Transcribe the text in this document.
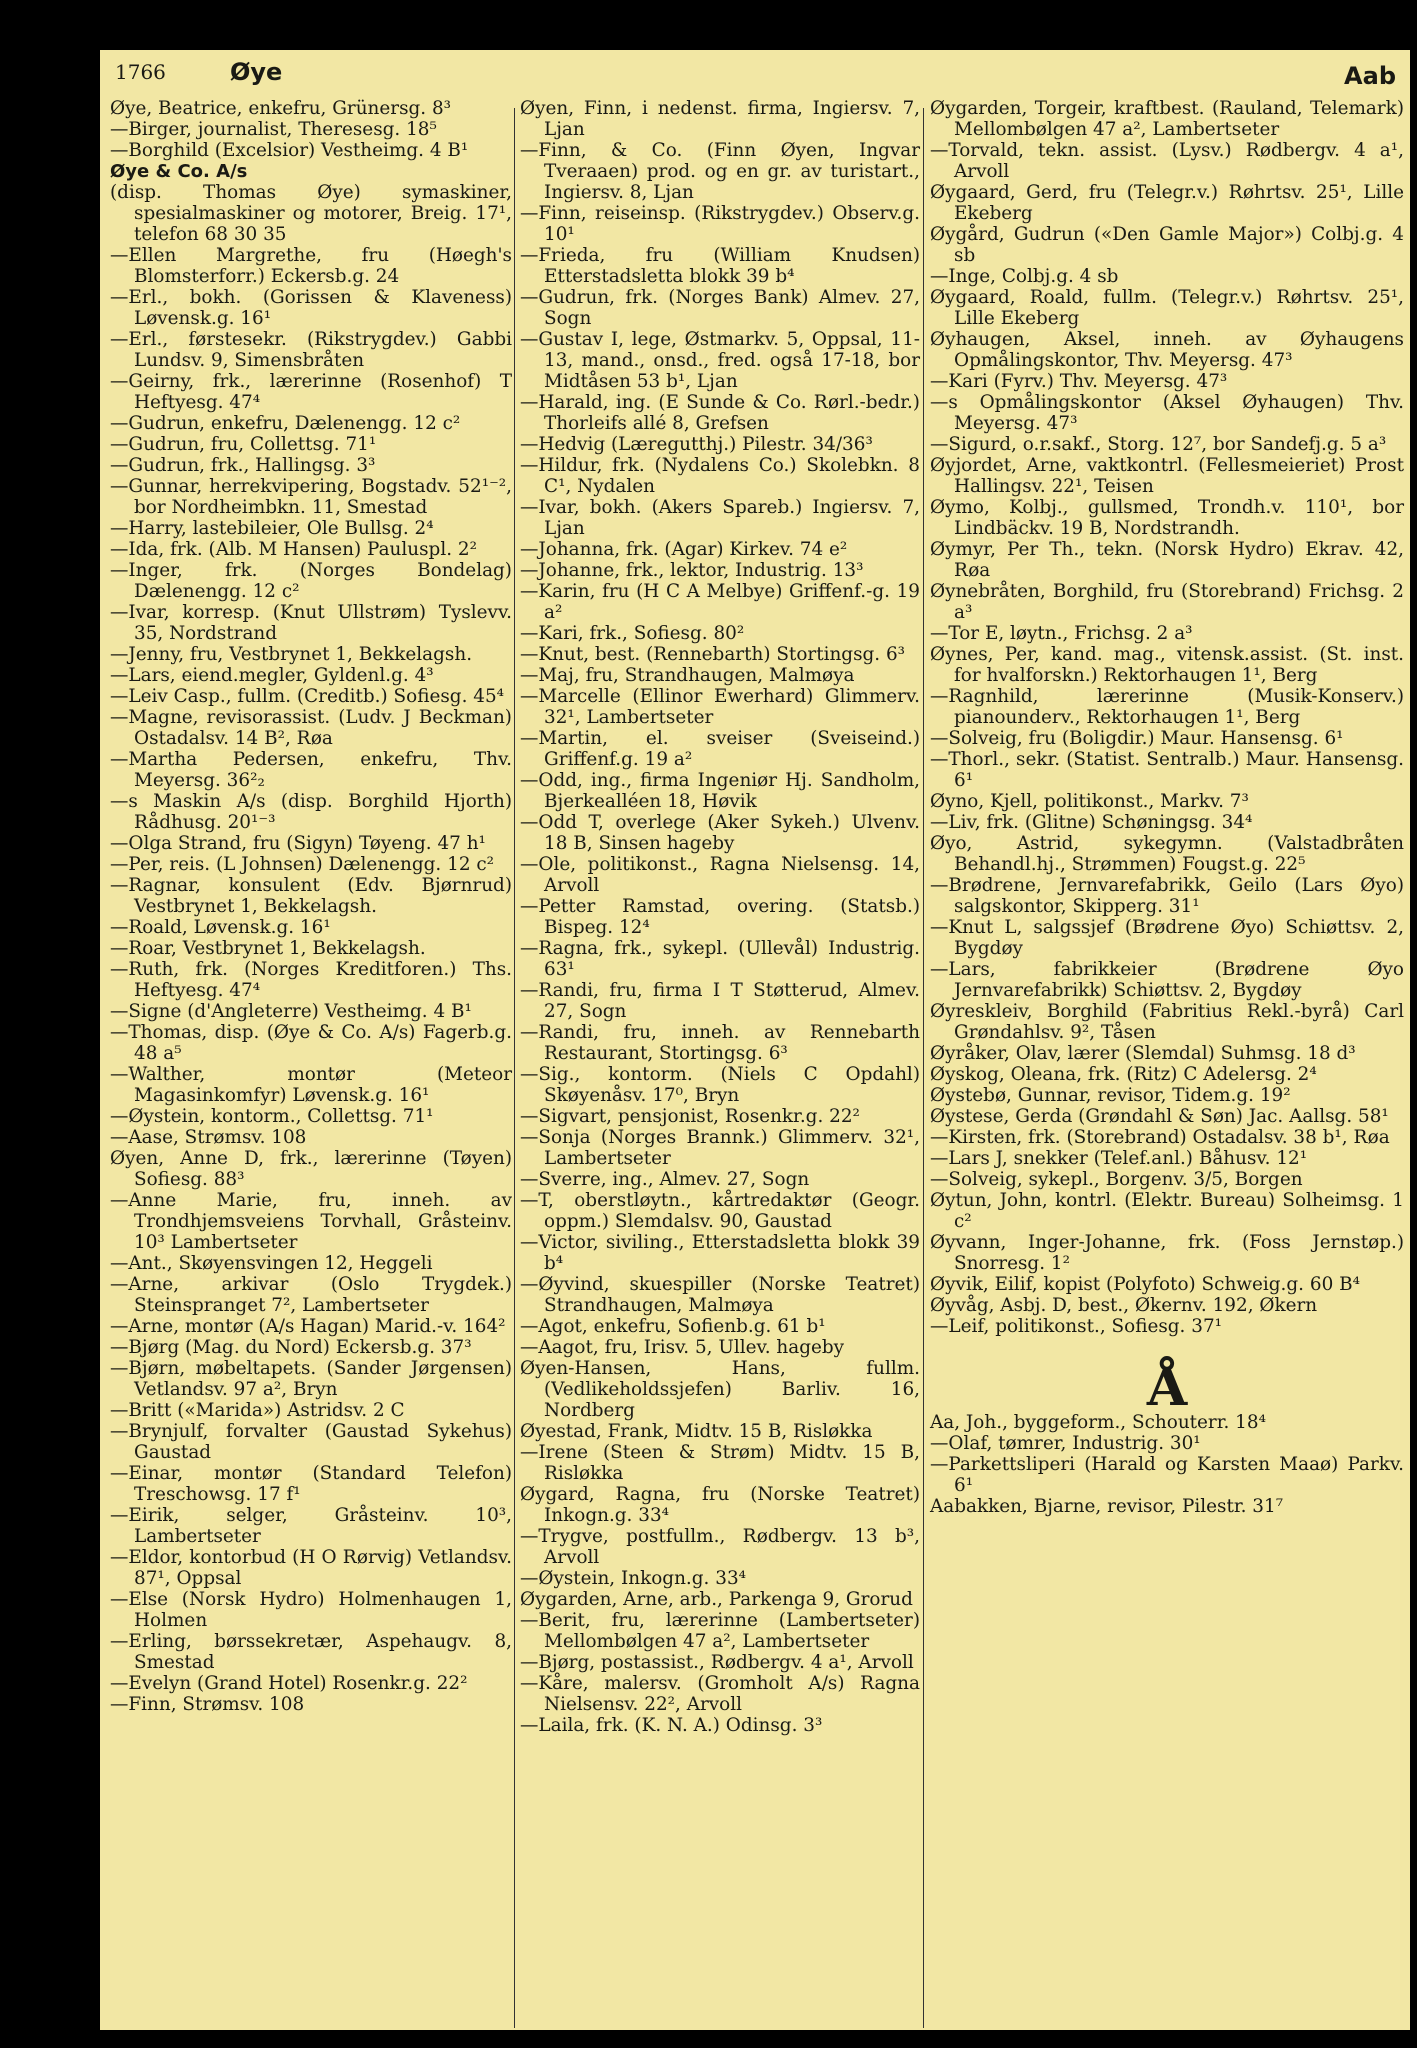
1766	Øye	Aab
Øye, Beatrice, enkefru, Grünersg. 8³
—Birger, journalist, Theresesg. 18⁵
—Borghild (Excelsior) Vestheimg. 4 B¹
Øye & Co. A/s
(disp. Thomas Øye) symaskiner, spesialmaskiner og motorer, Breig. 17¹, telefon 68 30 35
—Ellen Margrethe, fru (Høegh's Blomsterforr.) Eckersb.g. 24
—Erl., bokh. (Gorissen & Klaveness) Løvensk.g. 16¹
—Erl., førstesekr. (Rikstrygdev.) Gabbi Lundsv. 9, Simensbråten
—Geirny, frk., lærerinne (Rosenhof) T Heftyesg. 47⁴
—Gudrun, enkefru, Dælenengg. 12 c²
—Gudrun, fru, Collettsg. 71¹
—Gudrun, frk., Hallingsg. 3³
—Gunnar, herrekvipering, Bogstadv. 52¹⁻², bor Nordheimbkn. 11, Smestad
—Harry, lastebileier, Ole Bullsg. 2⁴
—Ida, frk. (Alb. M Hansen) Pauluspl. 2²
—Inger, frk. (Norges Bondelag) Dælenengg. 12 c²
—Ivar, korresp. (Knut Ullstrøm) Tyslevv. 35, Nordstrand
—Jenny, fru, Vestbrynet 1, Bekkelagsh.
—Lars, eiend.megler, Gyldenl.g. 4³
—Leiv Casp., fullm. (Creditb.) Sofiesg. 45⁴
—Magne, revisorassist. (Ludv. J Beckman) Ostadalsv. 14 B², Røa
—Martha Pedersen, enkefru, Thv. Meyersg. 36²₂
—s Maskin A/s (disp. Borghild Hjorth) Rådhusg. 20¹⁻³
—Olga Strand, fru (Sigyn) Tøyeng. 47 h¹
—Per, reis. (L Johnsen) Dælenengg. 12 c²
—Ragnar, konsulent (Edv. Bjørnrud) Vestbrynet 1, Bekkelagsh.
—Roald, Løvensk.g. 16¹
—Roar, Vestbrynet 1, Bekkelagsh.
—Ruth, frk. (Norges Kreditforen.) Ths. Heftyesg. 47⁴
—Signe (d'Angleterre) Vestheimg. 4 B¹
—Thomas, disp. (Øye & Co. A/s) Fagerb.g. 48 a⁵
—Walther, montør (Meteor Magasinkomfyr) Løvensk.g. 16¹
—Øystein, kontorm., Collettsg. 71¹
—Aase, Strømsv. 108
Øyen, Anne D, frk., lærerinne (Tøyen) Sofiesg. 88³
—Anne Marie, fru, inneh. av Trondhjemsveiens Torvhall, Gråsteinv. 10³ Lambertseter
—Ant., Skøyensvingen 12, Heggeli
—Arne, arkivar (Oslo Trygdek.) Steinspranget 7², Lambertseter
—Arne, montør (A/s Hagan) Marid.-v. 164²
—Bjørg (Mag. du Nord) Eckersb.g. 37³
—Bjørn, møbeltapets. (Sander Jørgensen) Vetlandsv. 97 a², Bryn
—Britt («Marida») Astridsv. 2 C
—Brynjulf, forvalter (Gaustad Sykehus) Gaustad
—Einar, montør (Standard Telefon) Treschowsg. 17 f¹
—Eirik, selger, Gråsteinv. 10³, Lambertseter
—Eldor, kontorbud (H O Rørvig) Vetlandsv. 87¹, Oppsal
—Else (Norsk Hydro) Holmenhaugen 1, Holmen
—Erling, børssekretær, Aspehaugv. 8, Smestad
—Evelyn (Grand Hotel) Rosenkr.g. 22²
—Finn, Strømsv. 108
Øyen, Finn, i nedenst. firma, Ingiersv. 7, Ljan
—Finn, & Co. (Finn Øyen, Ingvar Tveraaen) prod. og en gr. av turistart., Ingiersv. 8, Ljan
—Finn, reiseinsp. (Rikstrygdev.) Observ.g. 10¹
—Frieda, fru (William Knudsen) Etterstadsletta blokk 39 b⁴
—Gudrun, frk. (Norges Bank) Almev. 27, Sogn
—Gustav I, lege, Østmarkv. 5, Oppsal, 11-13, mand., onsd., fred. også 17-18, bor Midtåsen 53 b¹, Ljan
—Harald, ing. (E Sunde & Co. Rørl.-bedr.) Thorleifs allé 8, Grefsen
—Hedvig (Læregutthj.) Pilestr. 34/36³
—Hildur, frk. (Nydalens Co.) Skolebkn. 8 C¹, Nydalen
—Ivar, bokh. (Akers Spareb.) Ingiersv. 7, Ljan
—Johanna, frk. (Agar) Kirkev. 74 e²
—Johanne, frk., lektor, Industrig. 13³
—Karin, fru (H C A Melbye) Griffenf.-g. 19 a²
—Kari, frk., Sofiesg. 80²
—Knut, best. (Rennebarth) Stortingsg. 6³
—Maj, fru, Strandhaugen, Malmøya
—Marcelle (Ellinor Ewerhard) Glimmerv. 32¹, Lambertseter
—Martin, el. sveiser (Sveiseind.) Griffenf.g. 19 a²
—Odd, ing., firma Ingeniør Hj. Sandholm, Bjerkealléen 18, Høvik
—Odd T, overlege (Aker Sykeh.) Ulvenv. 18 B, Sinsen hageby
—Ole, politikonst., Ragna Nielsensg. 14, Arvoll
—Petter Ramstad, overing. (Statsb.) Bispeg. 12⁴
—Ragna, frk., sykepl. (Ullevål) Industrig. 63¹
—Randi, fru, firma I T Støtterud, Almev. 27, Sogn
—Randi, fru, inneh. av Rennebarth Restaurant, Stortingsg. 6³
—Sig., kontorm. (Niels C Opdahl) Skøyenåsv. 17⁰, Bryn
—Sigvart, pensjonist, Rosenkr.g. 22²
—Sonja (Norges Brannk.) Glimmerv. 32¹, Lambertseter
—Sverre, ing., Almev. 27, Sogn
—T, oberstløytn., kårtredaktør (Geogr. oppm.) Slemdalsv. 90, Gaustad
—Victor, siviling., Etterstadsletta blokk 39 b⁴
—Øyvind, skuespiller (Norske Teatret) Strandhaugen, Malmøya
—Agot, enkefru, Sofienb.g. 61 b¹
—Aagot, fru, Irisv. 5, Ullev. hageby
Øyen-Hansen, Hans, fullm. (Vedlikeholdssjefen) Barliv. 16, Nordberg
Øyestad, Frank, Midtv. 15 B, Risløkka
—Irene (Steen & Strøm) Midtv. 15 B, Risløkka
Øygard, Ragna, fru (Norske Teatret) Inkogn.g. 33⁴
—Trygve, postfullm., Rødbergv. 13 b³, Arvoll
—Øystein, Inkogn.g. 33⁴
Øygarden, Arne, arb., Parkenga 9, Grorud
—Berit, fru, lærerinne (Lambertseter) Mellombølgen 47 a², Lambertseter
—Bjørg, postassist., Rødbergv. 4 a¹, Arvoll
—Kåre, malersv. (Gromholt A/s) Ragna Nielsensv. 22², Arvoll
—Laila, frk. (K. N. A.) Odinsg. 3³
Øygarden, Torgeir, kraftbest. (Rauland, Telemark) Mellombølgen 47 a², Lambertseter
—Torvald, tekn. assist. (Lysv.) Rødbergv. 4 a¹, Arvoll
Øygaard, Gerd, fru (Telegr.v.) Røhrtsv. 25¹, Lille Ekeberg
Øygård, Gudrun («Den Gamle Major») Colbj.g. 4 sb
—Inge, Colbj.g. 4 sb
Øygaard, Roald, fullm. (Telegr.v.) Røhrtsv. 25¹, Lille Ekeberg
Øyhaugen, Aksel, inneh. av Øyhaugens Opmålingskontor, Thv. Meyersg. 47³
—Kari (Fyrv.) Thv. Meyersg. 47³
—s Opmålingskontor (Aksel Øyhaugen) Thv. Meyersg. 47³
—Sigurd, o.r.sakf., Storg. 12⁷, bor Sandefj.g. 5 a³
Øyjordet, Arne, vaktkontrl. (Fellesmeieriet) Prost Hallingsv. 22¹, Teisen
Øymo, Kolbj., gullsmed, Trondh.v. 110¹, bor Lindbäckv. 19 B, Nordstrandh.
Øymyr, Per Th., tekn. (Norsk Hydro) Ekrav. 42, Røa
Øynebråten, Borghild, fru (Storebrand) Frichsg. 2 a³
—Tor E, løytn., Frichsg. 2 a³
Øynes, Per, kand. mag., vitensk.assist. (St. inst. for hvalforskn.) Rektorhaugen 1¹, Berg
—Ragnhild, lærerinne (Musik-Konserv.) pianounderv., Rektorhaugen 1¹, Berg
—Solveig, fru (Boligdir.) Maur. Hansensg. 6¹
—Thorl., sekr. (Statist. Sentralb.) Maur. Hansensg. 6¹
Øyno, Kjell, politikonst., Markv. 7³
—Liv, frk. (Glitne) Schøningsg. 34⁴
Øyo, Astrid, sykegymn. (Valstadbråten Behandl.hj., Strømmen) Fougst.g. 22⁵
—Brødrene, Jernvarefabrikk, Geilo (Lars Øyo) salgskontor, Skipperg. 31¹
—Knut L, salgssjef (Brødrene Øyo) Schiøttsv. 2, Bygdøy
—Lars, fabrikkeier (Brødrene Øyo Jernvarefabrikk) Schiøttsv. 2, Bygdøy
Øyreskleiv, Borghild (Fabritius Rekl.-byrå) Carl Grøndahlsv. 9², Tåsen
Øyråker, Olav, lærer (Slemdal) Suhmsg. 18 d³
Øyskog, Oleana, frk. (Ritz) C Adelersg. 2⁴
Øystebø, Gunnar, revisor, Tidem.g. 19²
Øystese, Gerda (Grøndahl & Søn) Jac. Aallsg. 58¹
—Kirsten, frk. (Storebrand) Ostadalsv. 38 b¹, Røa
—Lars J, snekker (Telef.anl.) Båhusv. 12¹
—Solveig, sykepl., Borgenv. 3/5, Borgen
Øytun, John, kontrl. (Elektr. Bureau) Solheimsg. 1 c²
Øyvann, Inger-Johanne, frk. (Foss Jernstøp.) Snorresg. 1²
Øyvik, Eilif, kopist (Polyfoto) Schweig.g. 60 B⁴
Øyvåg, Asbj. D, best., Økernv. 192, Økern
—Leif, politikonst., Sofiesg. 37¹
Å
Aa, Joh., byggeform., Schouterr. 18⁴
—Olaf, tømrer, Industrig. 30¹
—Parkettsliperi (Harald og Karsten Maaø) Parkv. 6¹
Aabakken, Bjarne, revisor, Pilestr. 31⁷
